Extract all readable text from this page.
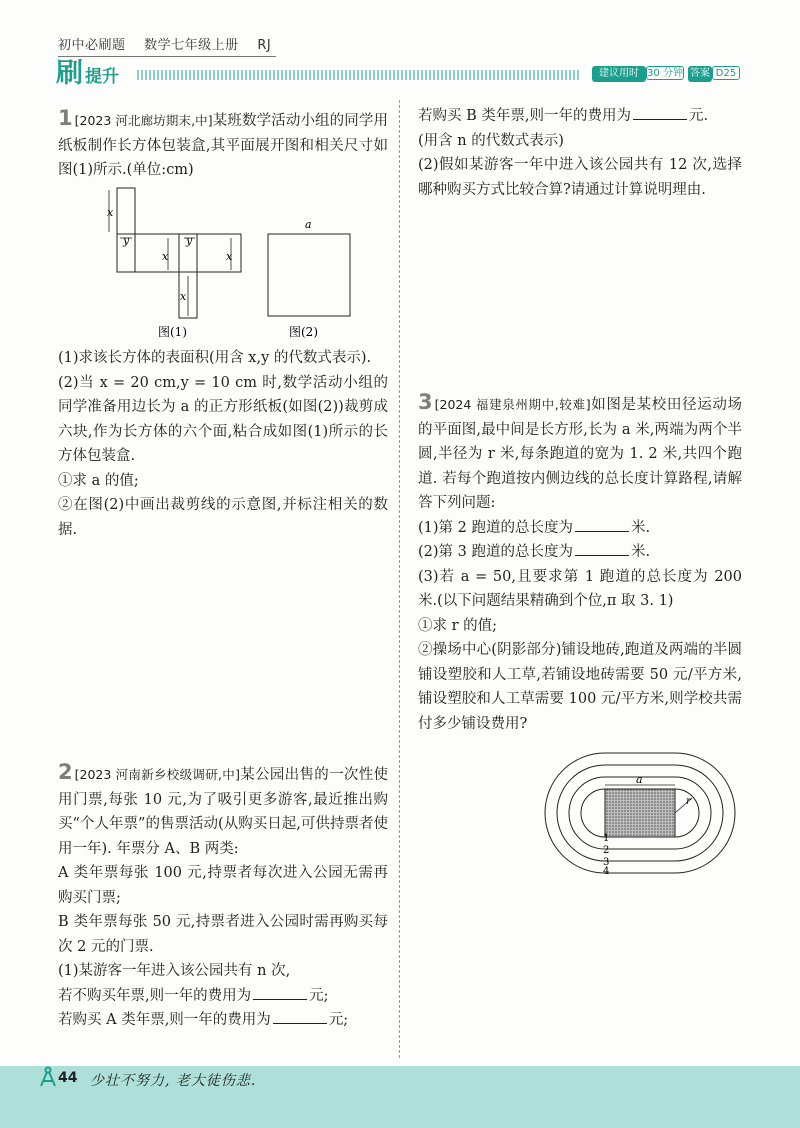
初中必刷题 数学七年级上册 RJ
刷 提升	建议用时 30 分钟 答案 D25

1 [2023 河北廊坊期末,中]某班数学活动小组的同学用纸板制作长方体包装盒,其平面展开图和相关尺寸如图(1)所示.(单位:cm)

x
y	y
x	x
x
a
图(1)	图(2)

(1)求该长方体的表面积(用含 x,y 的代数式表示).

(2)当 x = 20 cm,y = 10 cm 时,数学活动小组的同学准备用边长为 a 的正方形纸板(如图(2))裁剪成六块,作为长方体的六个面,粘合成如图(1)所示的长方体包装盒.

①求 a 的值;

②在图(2)中画出裁剪线的示意图,并标注相关的数据.

2 [2023 河南新乡校级调研,中]某公园出售的一次性使用门票,每张 10 元,为了吸引更多游客,最近推出购买“个人年票”的售票活动(从购买日起,可供持票者使用一年). 年票分 A、B 两类:

A 类年票每张 100 元,持票者每次进入公园无需再购买门票;

B 类年票每张 50 元,持票者进入公园时需再购买每次 2 元的门票.

(1)某游客一年进入该公园共有 n 次,

若不购买年票,则一年的费用为	元;

若购买 A 类年票,则一年的费用为	元;

若购买 B 类年票,则一年的费用为	元.

(用含 n 的代数式表示)

(2)假如某游客一年中进入该公园共有 12 次,选择哪种购买方式比较合算?请通过计算说明理由.

3 [2024 福建泉州期中,较难]如图是某校田径运动场的平面图,最中间是长方形,长为 a 米,两端为两个半圆,半径为 r 米,每条跑道的宽为 1. 2 米,共四个跑道. 若每个跑道按内侧边线的总长度计算路程,请解答下列问题:

(1)第 2 跑道的总长度为	米.

(2)第 3 跑道的总长度为	米.

(3)若 a = 50,且要求第 1 跑道的总长度为 200 米.(以下问题结果精确到个位,π 取 3. 1)

①求 r 的值;

②操场中心(阴影部分)铺设地砖,跑道及两端的半圆铺设塑胶和人工草,若铺设地砖需要 50 元/平方米,铺设塑胶和人工草需要 100 元/平方米,则学校共需付多少铺设费用?

a
r
1
2
3
4
44 少壮不努力, 老大徒伤悲.
